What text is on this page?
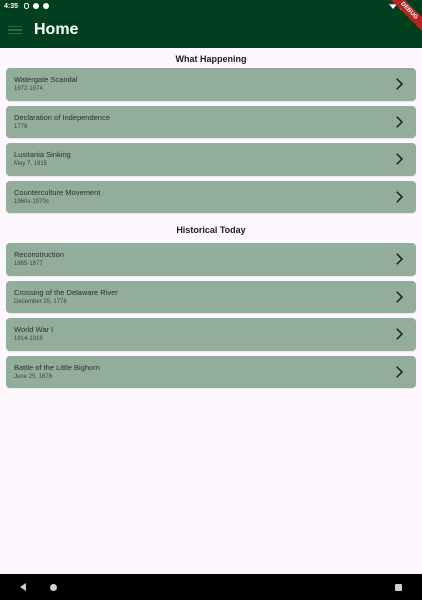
4:35
Home
DEBUG
What Happening
Watergate Scandal
1972-1974
Declaration of Independence
1776
Lusitania Sinking
May 7, 1915
Counterculture Movement
1960s-1970s
Historical Today
Reconstruction
1865-1877
Crossing of the Delaware River
December 25, 1776
World War I
1914-1918
Battle of the Little Bighorn
June 25, 1876
